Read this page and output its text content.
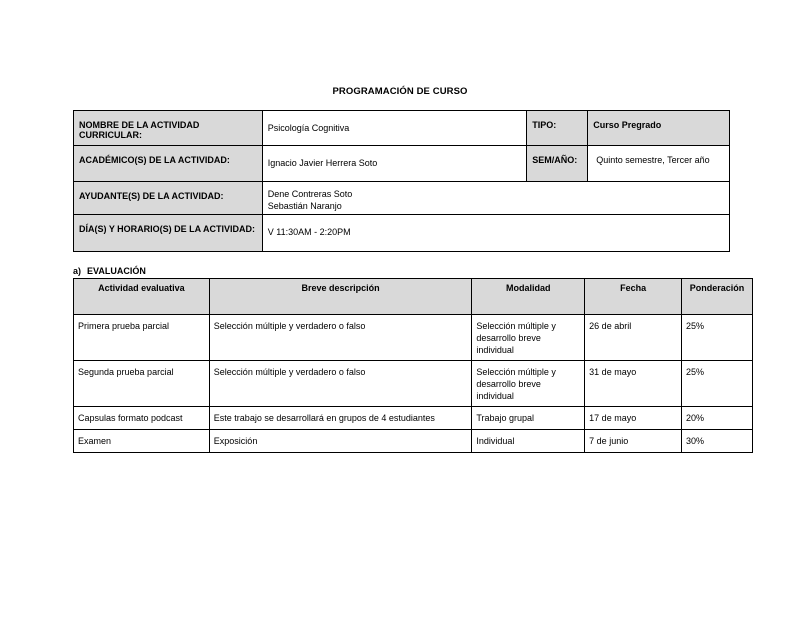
PROGRAMACIÓN DE CURSO
NOMBRE DE LA ACTIVIDAD CURRICULAR:	Psicología Cognitiva	TIPO:	Curso Pregrado
ACADÉMICO(S) DE LA ACTIVIDAD:	Ignacio Javier Herrera Soto	SEM/AÑO:	Quinto semestre, Tercer año
AYUDANTE(S) DE LA ACTIVIDAD:	Dene Contreras Soto
Sebastián Naranjo		

DÍA(S) Y HORARIO(S) DE LA ACTIVIDAD:	V 11:30AM - 2:20PM		
a) EVALUACIÓN
Actividad evaluativa	Breve descripción	Modalidad	Fecha	Ponderación
Primera prueba parcial	Selección múltiple y verdadero o falso	Selección múltiple y
desarrollo breve
individual	26 de abril	25%
Segunda prueba parcial	Selección múltiple y verdadero o falso	Selección múltiple y
desarrollo breve
individual	31 de mayo	25%
Capsulas formato podcast	Este trabajo se desarrollará en grupos de 4 estudiantes	Trabajo grupal	17 de mayo	20%
Examen	Exposición	Individual	7 de junio	30%
